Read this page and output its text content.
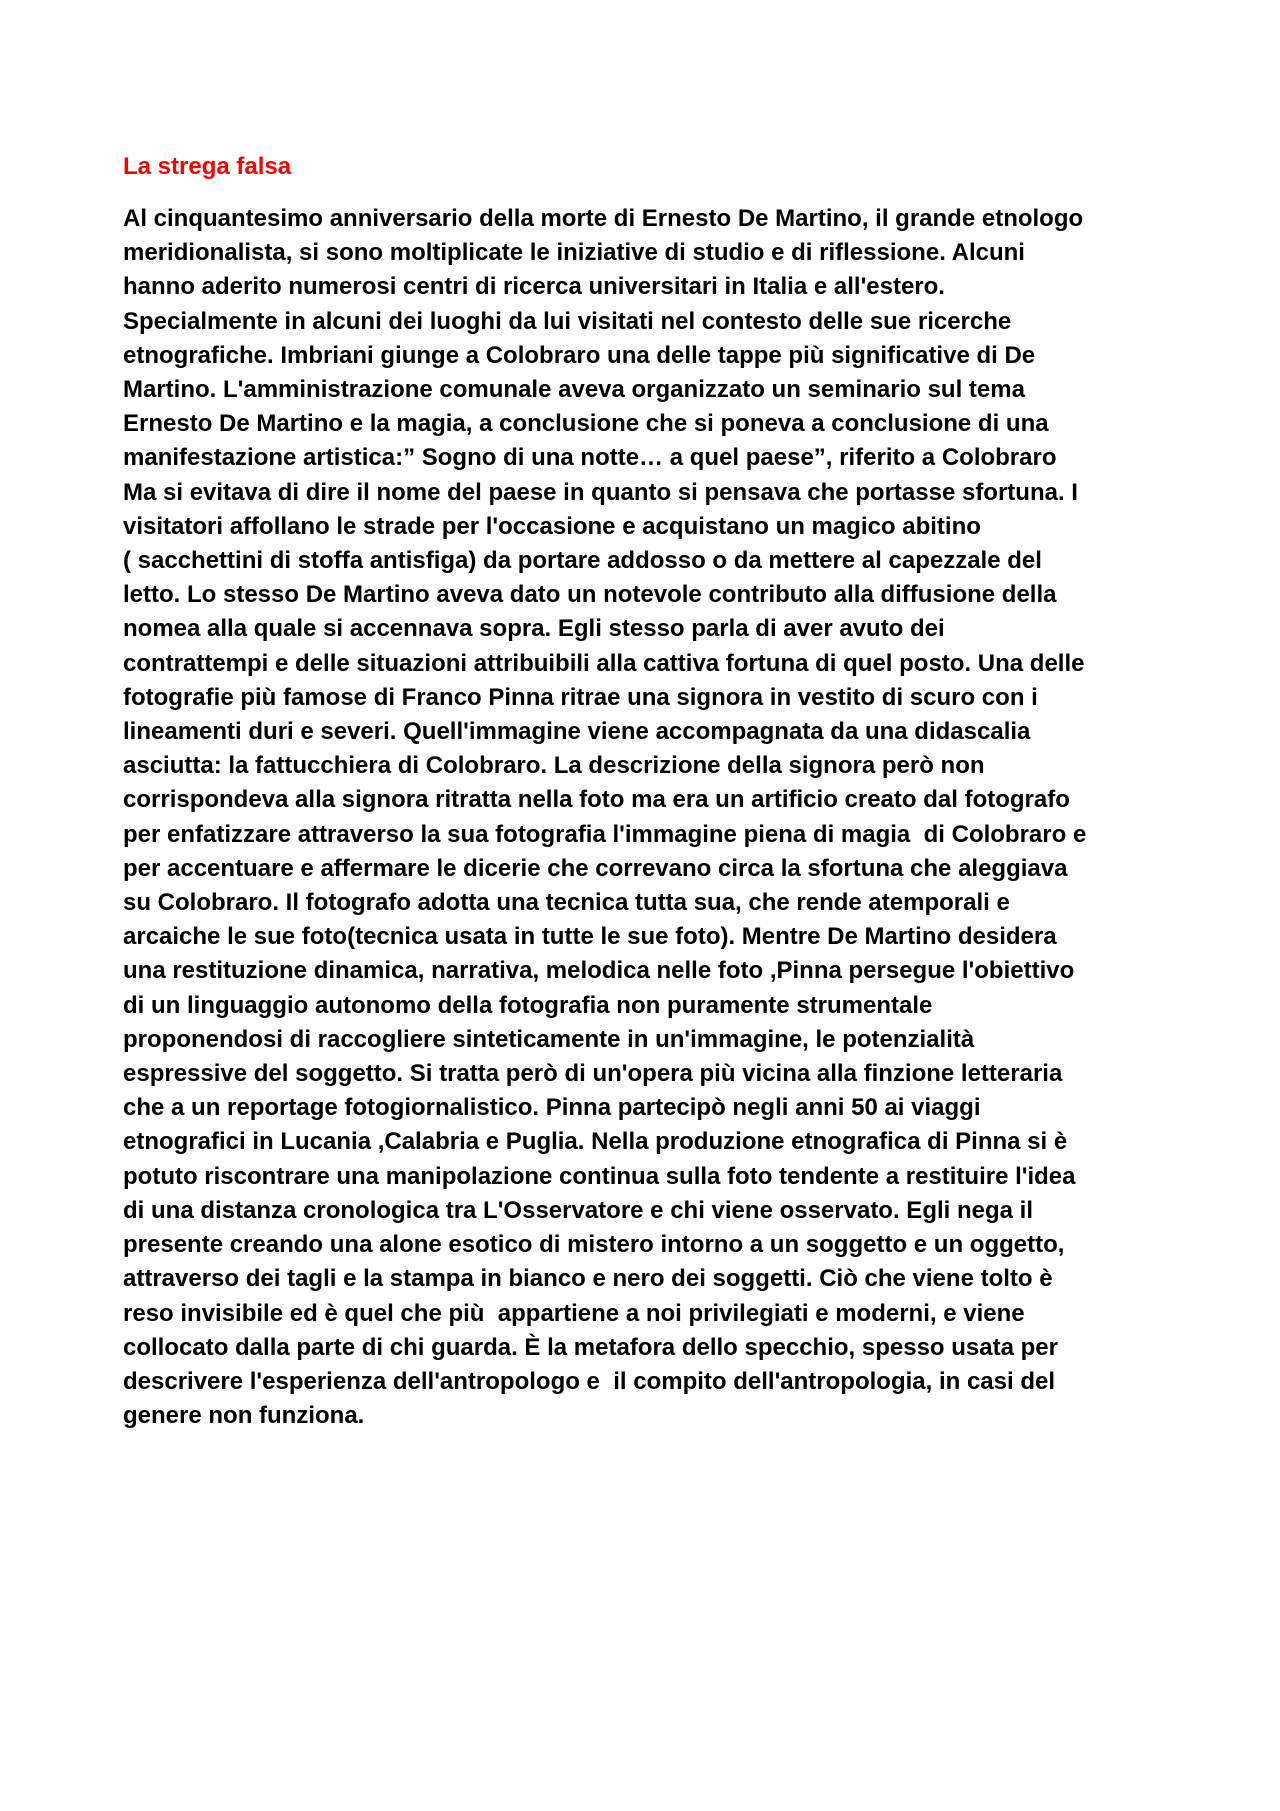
La strega falsa
Al cinquantesimo anniversario della morte di Ernesto De Martino, il grande etnologo
meridionalista, si sono moltiplicate le iniziative di studio e di riflessione. Alcuni
hanno aderito numerosi centri di ricerca universitari in Italia e all'estero.
Specialmente in alcuni dei luoghi da lui visitati nel contesto delle sue ricerche
etnografiche. Imbriani giunge a Colobraro una delle tappe più significative di De
Martino. L'amministrazione comunale aveva organizzato un seminario sul tema
Ernesto De Martino e la magia, a conclusione che si poneva a conclusione di una
manifestazione artistica:” Sogno di una notte… a quel paese”, riferito a Colobraro
Ma si evitava di dire il nome del paese in quanto si pensava che portasse sfortuna. I
visitatori affollano le strade per l'occasione e acquistano un magico abitino
( sacchettini di stoffa antisfiga) da portare addosso o da mettere al capezzale del
letto. Lo stesso De Martino aveva dato un notevole contributo alla diffusione della
nomea alla quale si accennava sopra. Egli stesso parla di aver avuto dei
contrattempi e delle situazioni attribuibili alla cattiva fortuna di quel posto. Una delle
fotografie più famose di Franco Pinna ritrae una signora in vestito di scuro con i
lineamenti duri e severi. Quell'immagine viene accompagnata da una didascalia
asciutta: la fattucchiera di Colobraro. La descrizione della signora però non
corrispondeva alla signora ritratta nella foto ma era un artificio creato dal fotografo
per enfatizzare attraverso la sua fotografia l'immagine piena di magia  di Colobraro e
per accentuare e affermare le dicerie che correvano circa la sfortuna che aleggiava
su Colobraro. Il fotografo adotta una tecnica tutta sua, che rende atemporali e
arcaiche le sue foto(tecnica usata in tutte le sue foto). Mentre De Martino desidera
una restituzione dinamica, narrativa, melodica nelle foto ,Pinna persegue l'obiettivo
di un linguaggio autonomo della fotografia non puramente strumentale
proponendosi di raccogliere sinteticamente in un'immagine, le potenzialità
espressive del soggetto. Si tratta però di un'opera più vicina alla finzione letteraria
che a un reportage fotogiornalistico. Pinna partecipò negli anni 50 ai viaggi
etnografici in Lucania ,Calabria e Puglia. Nella produzione etnografica di Pinna si è
potuto riscontrare una manipolazione continua sulla foto tendente a restituire l'idea
di una distanza cronologica tra L'Osservatore e chi viene osservato. Egli nega il
presente creando una alone esotico di mistero intorno a un soggetto e un oggetto,
attraverso dei tagli e la stampa in bianco e nero dei soggetti. Ciò che viene tolto è
reso invisibile ed è quel che più  appartiene a noi privilegiati e moderni, e viene
collocato dalla parte di chi guarda. È la metafora dello specchio, spesso usata per
descrivere l'esperienza dell'antropologo e  il compito dell'antropologia, in casi del
genere non funziona.
